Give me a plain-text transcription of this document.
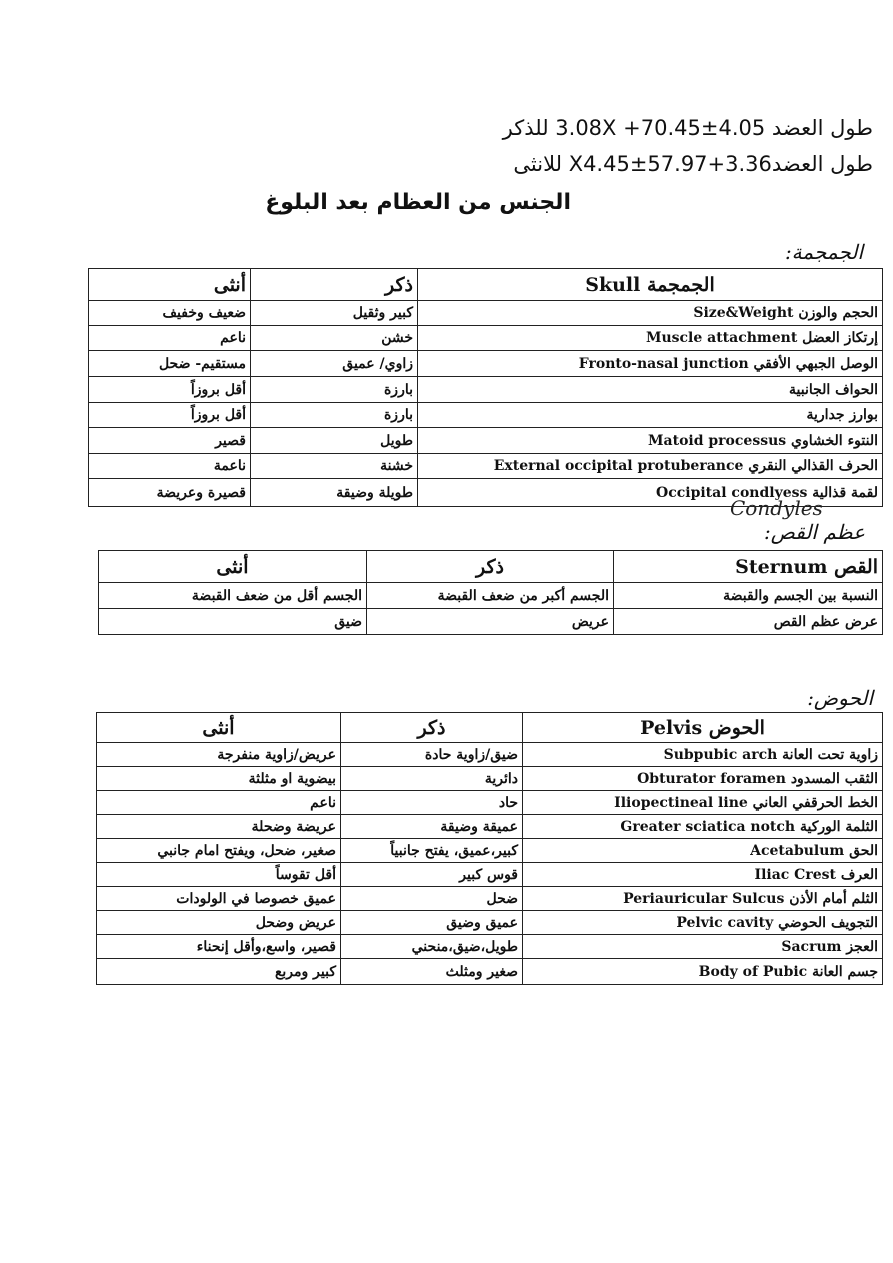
طول العضد 4.05±70.45+ 3.08X للذكر
طول العضدX4.45±57.97+3.36 للانثى
الجنس من العظام بعد البلوغ
الجمجمة:
أنثى	ذكر	الجمجمة Skull
ضعيف وخفيف	كبير وثقيل	الحجم والوزن Size&Weight
ناعم	خشن	إرتكاز العضل Muscle attachment
مستقيم- ضحل	زاوي/ عميق	الوصل الجبهي الأفقي Fronto-nasal junction
أقل بروزاً	بارزة	الحواف الجانبية
أقل بروزاً	بارزة	بوارز جدارية
قصير	طويل	النتوء الخشاوي Matoid processus
ناعمة	خشنة	الحرف القذالي النقري External occipital protuberance
قصيرة وعريضة	طويلة وضيقة	لقمة قذالية Occipital condlyess
Condyles
عظم القص:
أنثى	ذكر	القص Sternum
الجسم أقل من ضعف القبضة	الجسم أكبر من ضعف القبضة	النسبة بين الجسم والقبضة
ضيق	عريض	عرض عظم القص
الحوض:
أنثى	ذكر	الحوض Pelvis
عريض/زاوية منفرجة	ضيق/زاوية حادة	زاوية تحت العانة Subpubic arch
بيضوية او مثلثة	دائرية	الثقب المسدود Obturator foramen
ناعم	حاد	الخط الحرقفي العاني Iliopectineal line
عريضة وضحلة	عميقة وضيقة	الثلمة الوركية Greater sciatica notch
صغير، ضحل، ويفتح امام جانبي	كبير،عميق، يفتح جانبياً	الحق Acetabulum
أقل تقوساً	قوس كبير	العرف Iliac Crest
عميق خصوصا في الولودات	ضحل	الثلم أمام الأذن Periauricular Sulcus
عريض وضحل	عميق وضيق	التجويف الحوضي Pelvic cavity
قصير، واسع،وأقل إنحناء	طويل،ضيق،منحني	العجز Sacrum
كبير ومربع	صغير ومثلث	جسم العانة Body of Pubic
